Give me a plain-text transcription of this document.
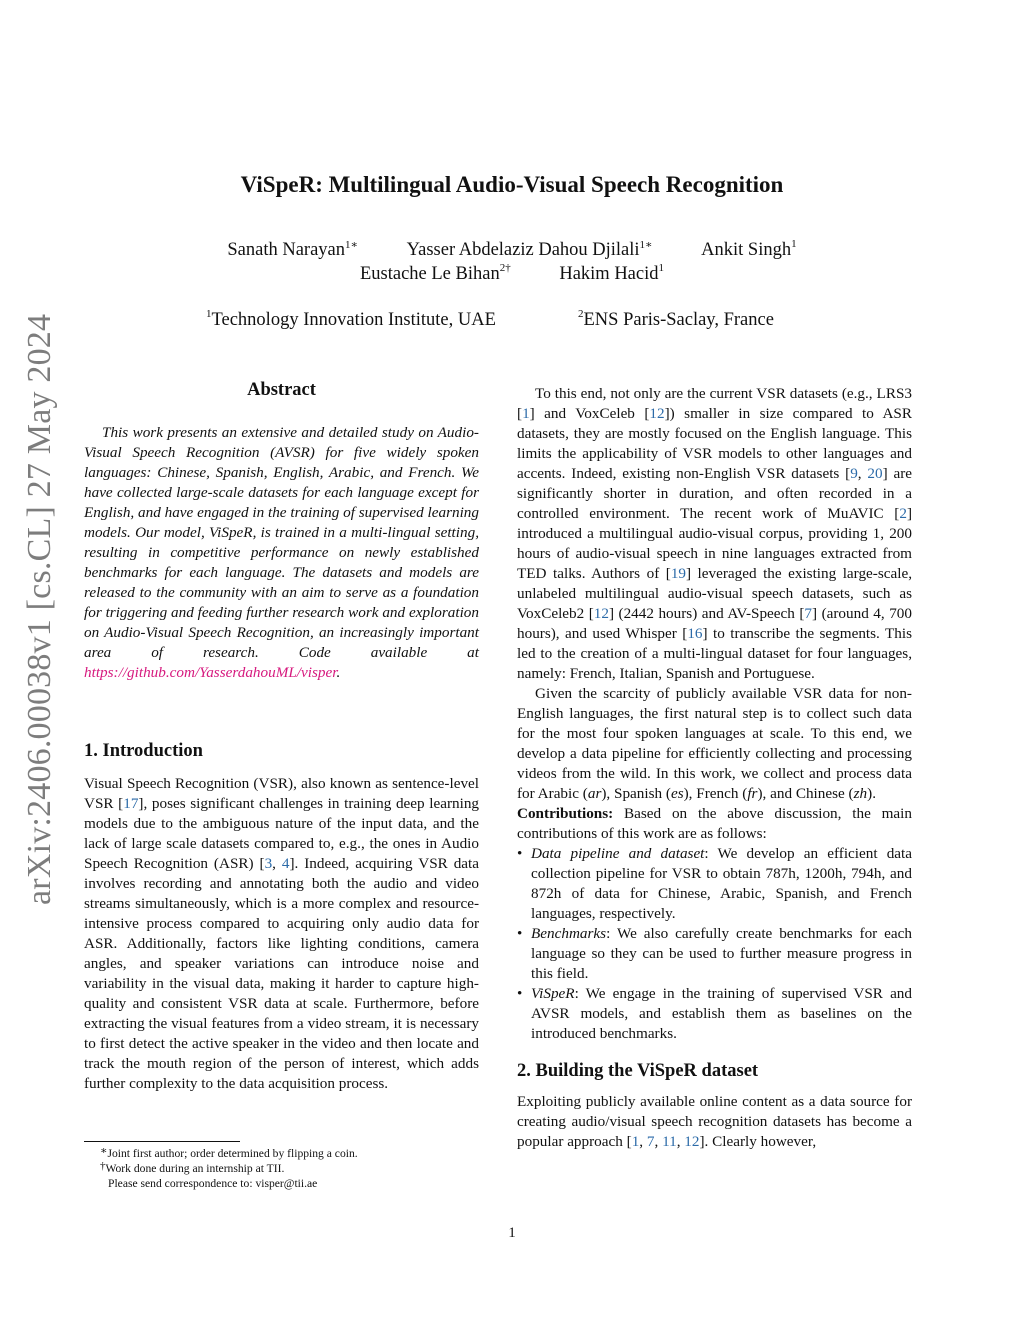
arXiv:2406.00038v1 [cs.CL] 27 May 2024
ViSpeR: Multilingual Audio-Visual Speech Recognition
Sanath Narayan$^{1∗}$	Yasser Abdelaziz Dahou Djilali$^{1∗}$	Ankit Singh$^1$
Eustache Le Bihan$^{2\dagger}$	Hakim Hacid$^1$
$^1$Technology Innovation Institute, UAE	$^2$ENS Paris-Saclay, France
Abstract

This work presents an extensive and detailed study on Audio-Visual Speech Recognition (AVSR) for five widely spoken languages: Chinese, Spanish, English, Arabic, and French. We have collected large-scale datasets for each language except for English, and have engaged in the training of supervised learning models. Our model, ViSpeR, is trained in a multi-lingual setting, resulting in competitive performance on newly established benchmarks for each language. The datasets and models are released to the community with an aim to serve as a foundation for triggering and feeding further research work and exploration on Audio-Visual Speech Recognition, an increasingly important area of research. Code available at https://github.com/YasserdahouML/visper.

1. Introduction

Visual Speech Recognition (VSR), also known as sentence-level VSR [17], poses significant challenges in training deep learning models due to the ambiguous nature of the input data, and the lack of large scale datasets compared to, e.g., the ones in Audio Speech Recognition (ASR) [3, 4]. Indeed, acquiring VSR data involves recording and annotating both the audio and video streams simultaneously, which is a more complex and resource-intensive process compared to acquiring only audio data for ASR. Additionally, factors like lighting conditions, camera angles, and speaker variations can introduce noise and variability in the visual data, making it harder to capture high-quality and consistent VSR data at scale. Furthermore, before extracting the visual features from a video stream, it is necessary to first detect the active speaker in the video and then locate and track the mouth region of the person of interest, which adds further complexity to the data acquisition process.

∗Joint first author; order determined by flipping a coin.
†Work done during an internship at TII.
Please send correspondence to: visper@tii.ae

To this end, not only are the current VSR datasets (e.g., LRS3 [1] and VoxCeleb [12]) smaller in size compared to ASR datasets, they are mostly focused on the English language. This limits the applicability of VSR models to other languages and accents. Indeed, existing non-English VSR datasets [9, 20] are significantly shorter in duration, and often recorded in a controlled environment. The recent work of MuAVIC [2] introduced a multilingual audio-visual corpus, providing 1, 200 hours of audio-visual speech in nine languages extracted from TED talks. Authors of [19] leveraged the existing large-scale, unlabeled multilingual audio-visual speech datasets, such as VoxCeleb2 [12] (2442 hours) and AV-Speech [7] (around 4, 700 hours), and used Whisper [16] to transcribe the segments. This led to the creation of a multi-lingual dataset for four languages, namely: French, Italian, Spanish and Portuguese.

Given the scarcity of publicly available VSR data for non-English languages, the first natural step is to collect such data for the most four spoken languages at scale. To this end, we develop a data pipeline for efficiently collecting and processing videos from the wild. In this work, we collect and process data for Arabic (ar), Spanish (es), French (fr), and Chinese (zh).

Contributions: Based on the above discussion, the main contributions of this work are as follows:

• Data pipeline and dataset: We develop an efficient data collection pipeline for VSR to obtain 787h, 1200h, 794h, and 872h of data for Chinese, Arabic, Spanish, and French languages, respectively.

• Benchmarks: We also carefully create benchmarks for each language so they can be used to further measure progress in this field.

• ViSpeR: We engage in the training of supervised VSR and AVSR models, and establish them as baselines on the introduced benchmarks.

2. Building the ViSpeR dataset

Exploiting publicly available online content as a data source for creating audio/visual speech recognition datasets has become a popular approach [1, 7, 11, 12]. Clearly however,

1
